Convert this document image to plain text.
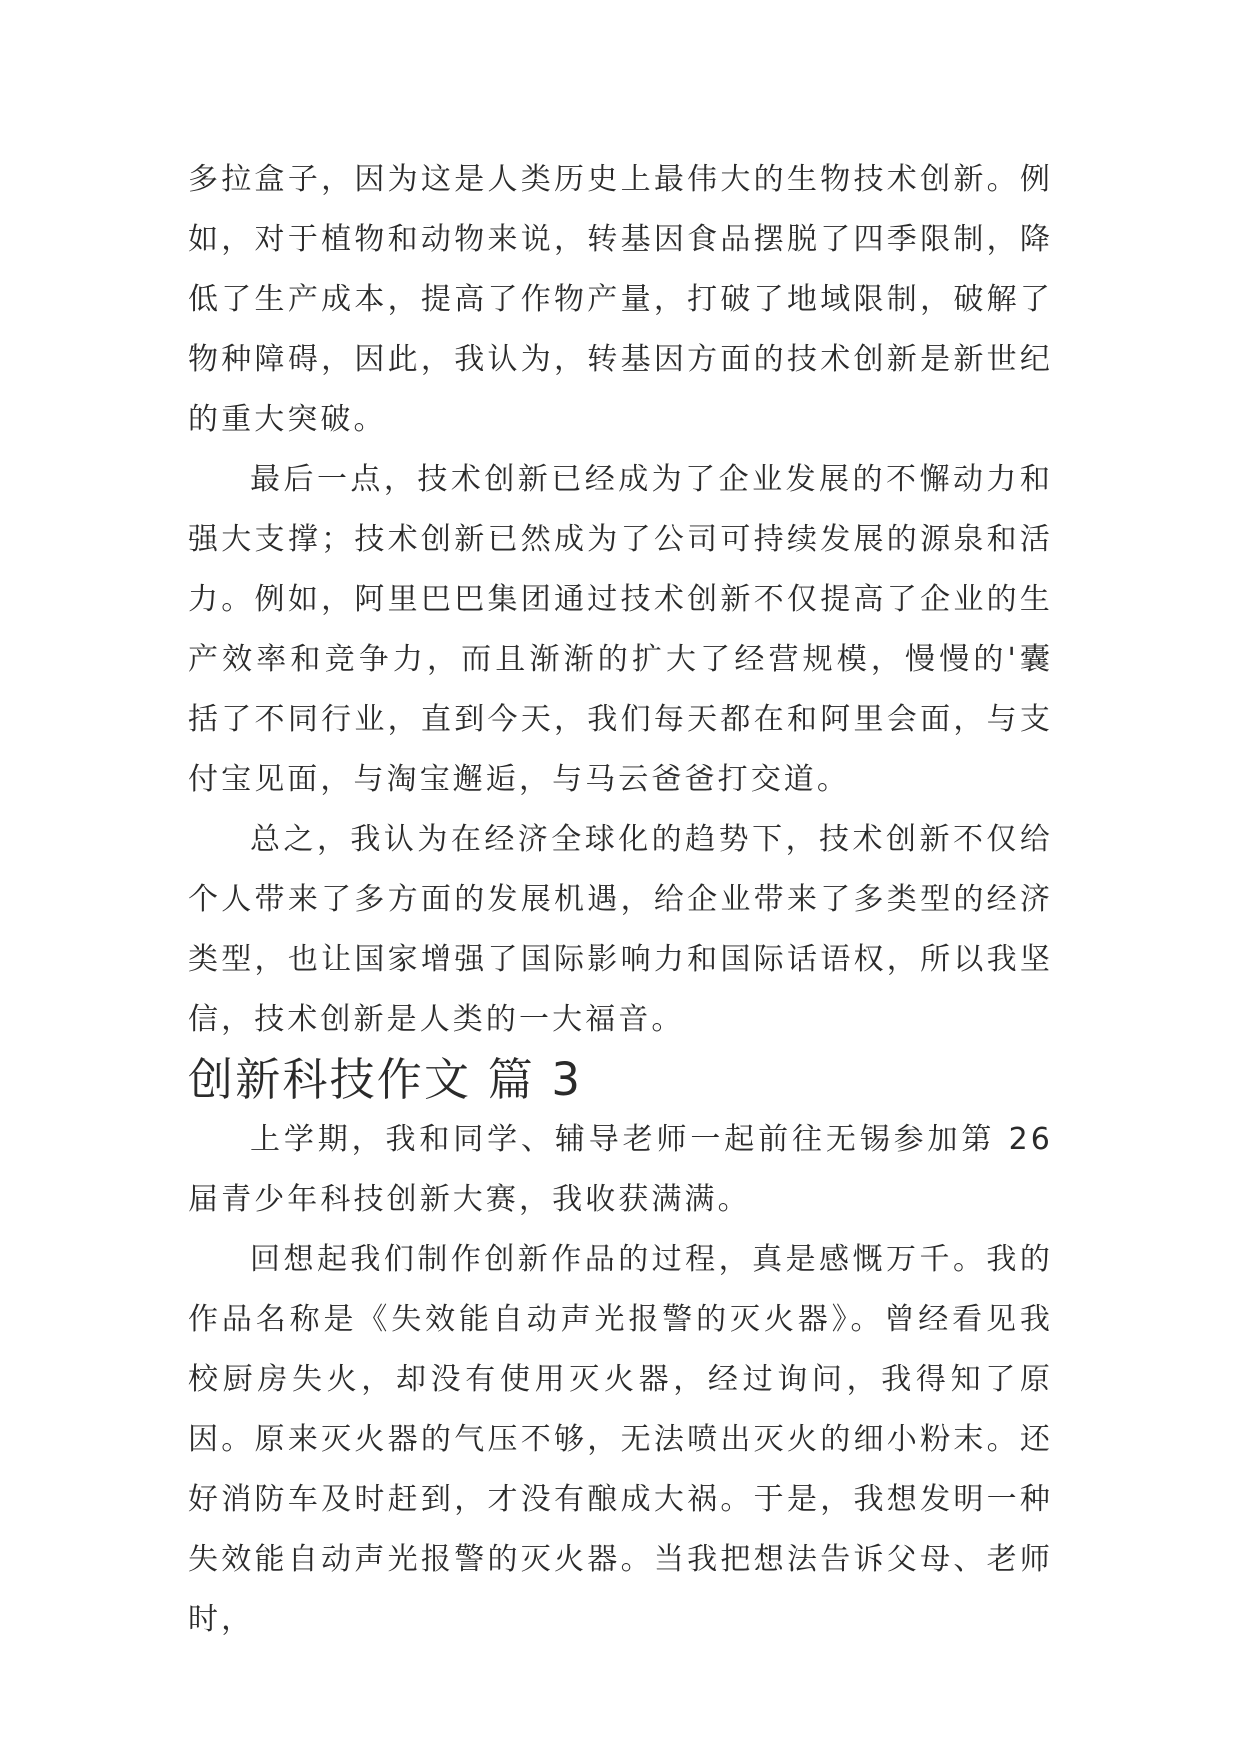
多拉盒子，因为这是人类历史上最伟大的生物技术创新。例如，对于植物和动物来说，转基因食品摆脱了四季限制，降低了生产成本，提高了作物产量，打破了地域限制，破解了物种障碍，因此，我认为，转基因方面的技术创新是新世纪的重大突破。

最后一点，技术创新已经成为了企业发展的不懈动力和强大支撑；技术创新已然成为了公司可持续发展的源泉和活力。例如，阿里巴巴集团通过技术创新不仅提高了企业的生产效率和竞争力，而且渐渐的扩大了经营规模，慢慢的'囊括了不同行业，直到今天，我们每天都在和阿里会面，与支付宝见面，与淘宝邂逅，与马云爸爸打交道。

总之，我认为在经济全球化的趋势下，技术创新不仅给个人带来了多方面的发展机遇，给企业带来了多类型的经济类型，也让国家增强了国际影响力和国际话语权，所以我坚信，技术创新是人类的一大福音。

创新科技作文 篇 3

上学期，我和同学、辅导老师一起前往无锡参加第 26 届青少年科技创新大赛，我收获满满。

回想起我们制作创新作品的过程，真是感慨万千。我的作品名称是《失效能自动声光报警的灭火器》。曾经看见我校厨房失火，却没有使用灭火器，经过询问，我得知了原因。原来灭火器的气压不够，无法喷出灭火的细小粉末。还好消防车及时赶到，才没有酿成大祸。于是，我想发明一种失效能自动声光报警的灭火器。当我把想法告诉父母、老师时，
